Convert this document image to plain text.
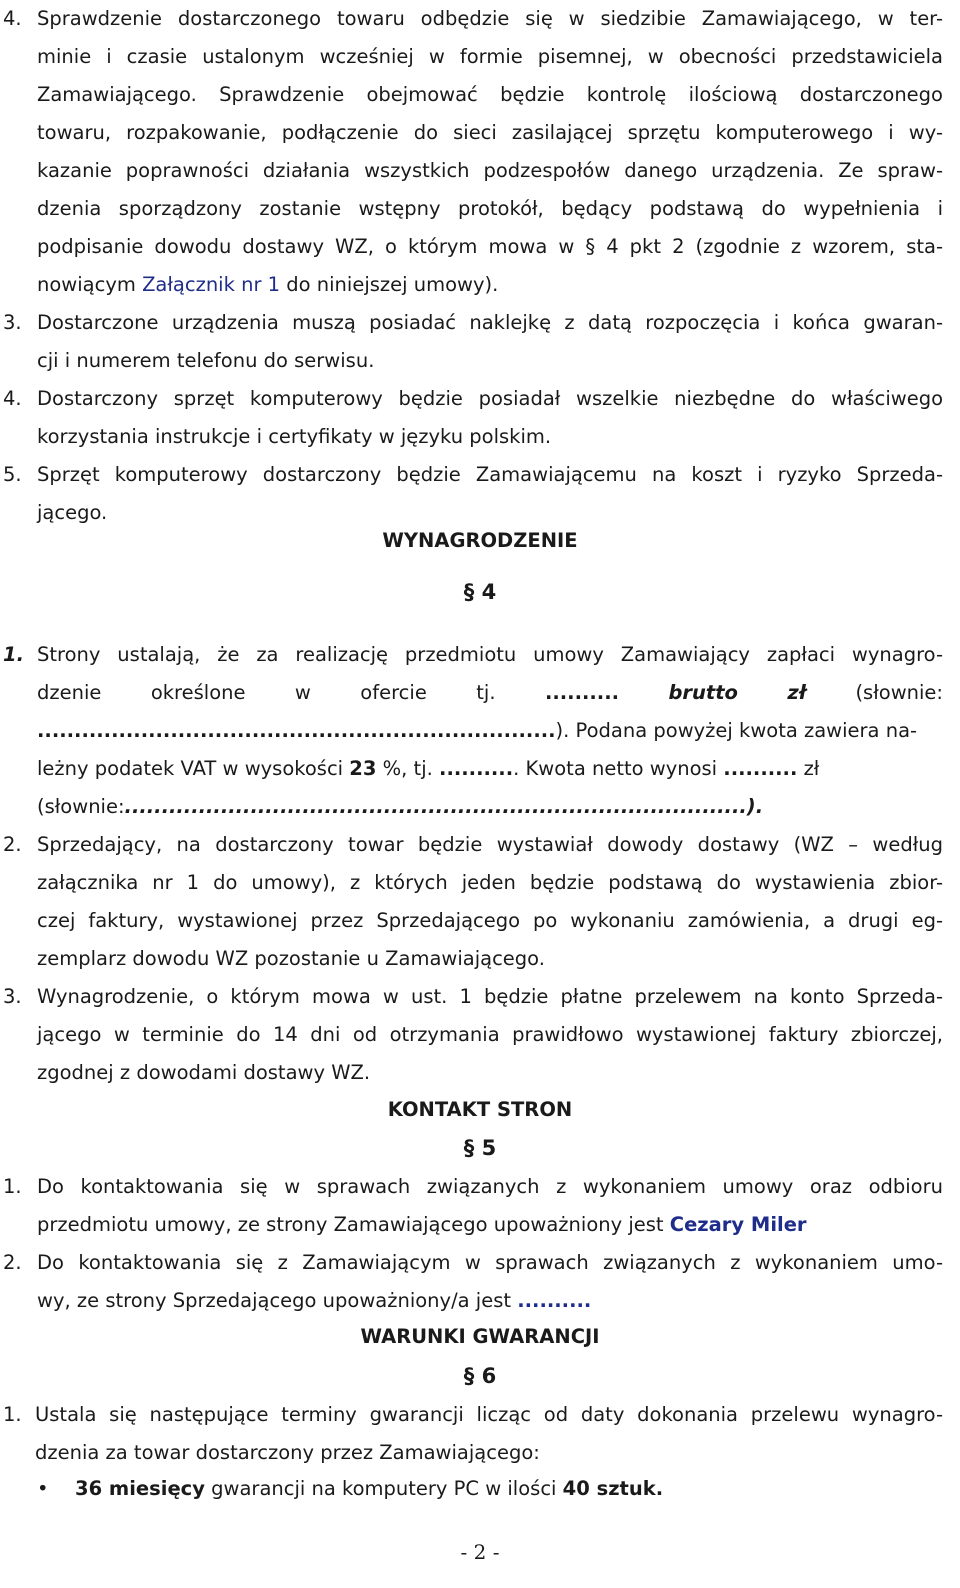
4. Sprawdzenie dostarczonego towaru odbędzie się w siedzibie Zamawiającego, w ter-
minie i czasie ustalonym wcześniej w formie pisemnej, w obecności przedstawiciela
Zamawiającego. Sprawdzenie obejmować będzie kontrolę ilościową dostarczonego
towaru, rozpakowanie, podłączenie do sieci zasilającej sprzętu komputerowego i wy-
kazanie poprawności działania wszystkich podzespołów danego urządzenia. Ze spraw-
dzenia sporządzony zostanie wstępny protokół, będący podstawą do wypełnienia i
podpisanie dowodu dostawy WZ, o którym mowa w § 4 pkt 2 (zgodnie z wzorem, sta-
nowiącym Załącznik nr 1 do niniejszej umowy).
3. Dostarczone urządzenia muszą posiadać naklejkę z datą rozpoczęcia i końca gwaran-
cji i numerem telefonu do serwisu.
4. Dostarczony sprzęt komputerowy będzie posiadał wszelkie niezbędne do właściwego
korzystania instrukcje i certyfikaty w języku polskim.
5. Sprzęt komputerowy dostarczony będzie Zamawiającemu na koszt i ryzyko Sprzeda-
jącego.
WYNAGRODZENIE
§ 4
1. Strony ustalają, że za realizację przedmiotu umowy Zamawiający zapłaci wynagro-
dzenie	określone	w	ofercie	tj.	..........	brutto	zł	(słownie:
......................................................................). Podana powyżej kwota zawiera na-
leżny podatek VAT w wysokości 23 %, tj. ........... Kwota netto wynosi .......... zł
(słownie:....................................................................................).
2. Sprzedający, na dostarczony towar będzie wystawiał dowody dostawy (WZ – według
załącznika nr 1 do umowy), z których jeden będzie podstawą do wystawienia zbior-
czej faktury, wystawionej przez Sprzedającego po wykonaniu zamówienia, a drugi eg-
zemplarz dowodu WZ pozostanie u Zamawiającego.
3. Wynagrodzenie, o którym mowa w ust. 1 będzie płatne przelewem na konto Sprzeda-
jącego w terminie do 14 dni od otrzymania prawidłowo wystawionej faktury zbiorczej,
zgodnej z dowodami dostawy WZ.
KONTAKT STRON
§ 5
1. Do kontaktowania się w sprawach związanych z wykonaniem umowy oraz odbioru
przedmiotu umowy, ze strony Zamawiającego upoważniony jest Cezary Miler
2. Do kontaktowania się z Zamawiającym w sprawach związanych z wykonaniem umo-
wy, ze strony Sprzedającego upoważniony/a jest ..........
WARUNKI GWARANCJI
§ 6
1. Ustala się następujące terminy gwarancji licząc od daty dokonania przelewu wynagro-
dzenia za towar dostarczony przez Zamawiającego:
•	36 miesięcy gwarancji na komputery PC w ilości 40 sztuk.
- 2 -
